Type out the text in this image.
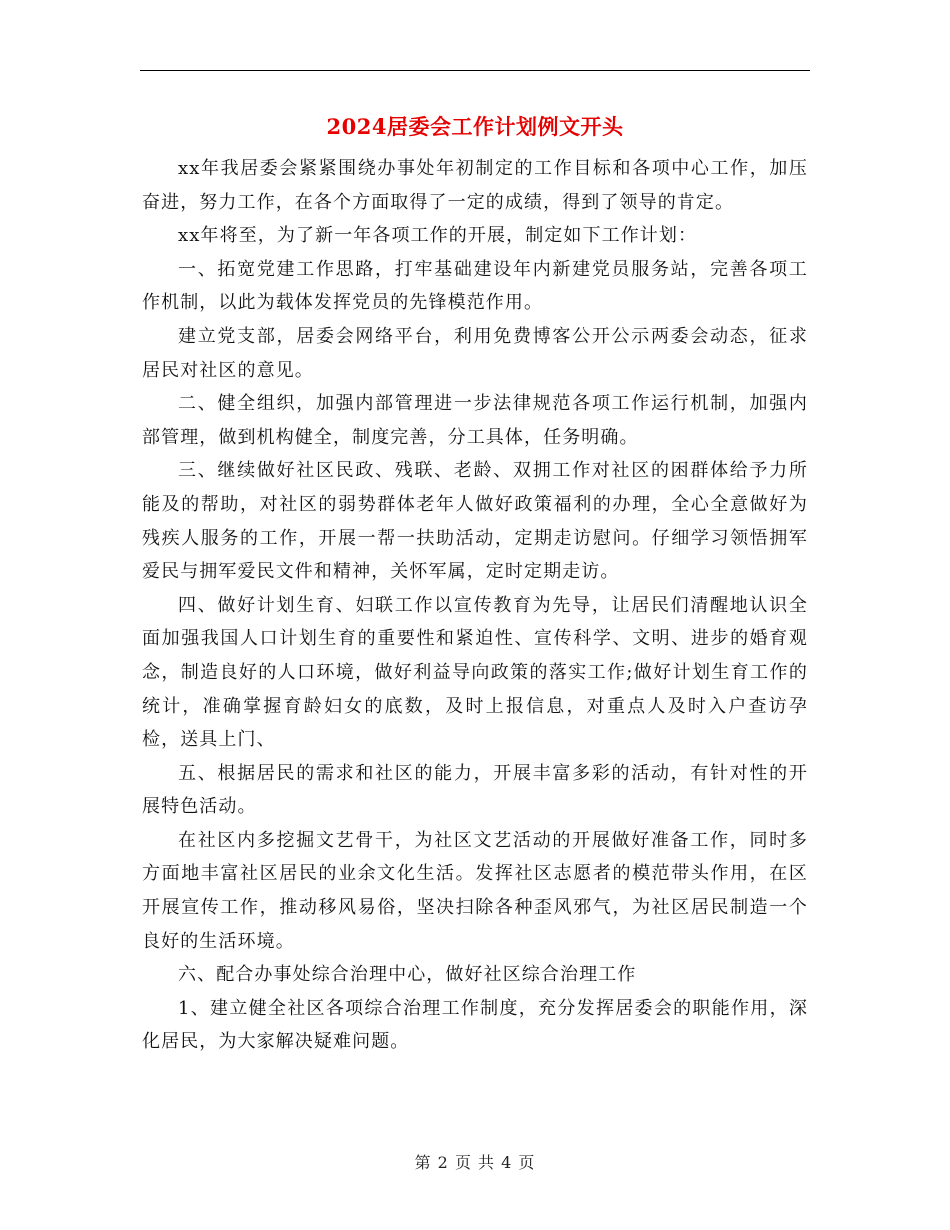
2024居委会工作计划例文开头

xx年我居委会紧紧围绕办事处年初制定的工作目标和各项中心工作，加压奋进，努力工作，在各个方面取得了一定的成绩，得到了领导的肯定。

xx年将至，为了新一年各项工作的开展，制定如下工作计划：

一、拓宽党建工作思路，打牢基础建设年内新建党员服务站，完善各项工作机制，以此为载体发挥党员的先锋模范作用。

建立党支部，居委会网络平台，利用免费博客公开公示两委会动态，征求居民对社区的意见。

二、健全组织，加强内部管理进一步法律规范各项工作运行机制，加强内部管理，做到机构健全，制度完善，分工具体，任务明确。

三、继续做好社区民政、残联、老龄、双拥工作对社区的困群体给予力所能及的帮助，对社区的弱势群体老年人做好政策福利的办理，全心全意做好为残疾人服务的工作，开展一帮一扶助活动，定期走访慰问。仔细学习领悟拥军爱民与拥军爱民文件和精神，关怀军属，定时定期走访。

四、做好计划生育、妇联工作以宣传教育为先导，让居民们清醒地认识全面加强我国人口计划生育的重要性和紧迫性、宣传科学、文明、进步的婚育观念，制造良好的人口环境，做好利益导向政策的落实工作;做好计划生育工作的统计，准确掌握育龄妇女的底数，及时上报信息，对重点人及时入户查访孕检，送具上门、

五、根据居民的需求和社区的能力，开展丰富多彩的活动，有针对性的开展特色活动。

在社区内多挖掘文艺骨干，为社区文艺活动的开展做好准备工作，同时多方面地丰富社区居民的业余文化生活。发挥社区志愿者的模范带头作用，在区开展宣传工作，推动移风易俗，坚决扫除各种歪风邪气，为社区居民制造一个良好的生活环境。

六、配合办事处综合治理中心，做好社区综合治理工作

1、建立健全社区各项综合治理工作制度，充分发挥居委会的职能作用，深化居民，为大家解决疑难问题。

第 2 页 共 4 页
